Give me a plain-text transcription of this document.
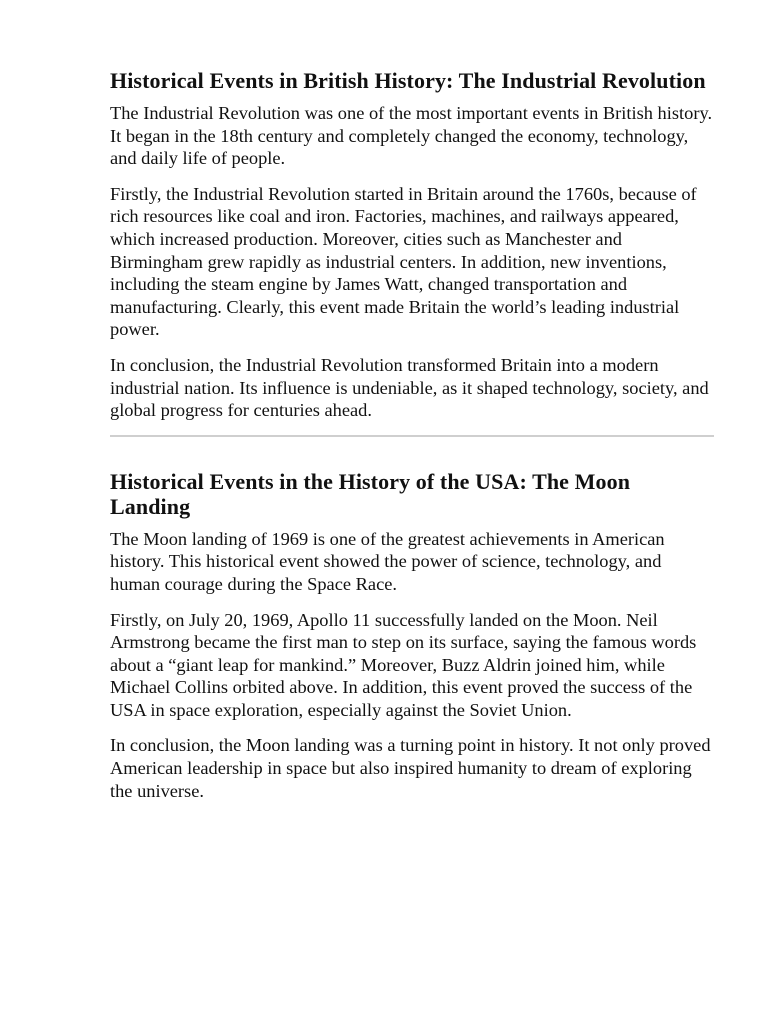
Historical Events in British History: The Industrial Revolution

The Industrial Revolution was one of the most important events in British history. It began in the 18th century and completely changed the economy, technology, and daily life of people.

Firstly, the Industrial Revolution started in Britain around the 1760s, because of rich resources like coal and iron. Factories, machines, and railways appeared, which increased production. Moreover, cities such as Manchester and Birmingham grew rapidly as industrial centers. In addition, new inventions, including the steam engine by James Watt, changed transportation and manufacturing. Clearly, this event made Britain the world’s leading industrial power.

In conclusion, the Industrial Revolution transformed Britain into a modern industrial nation. Its influence is undeniable, as it shaped technology, society, and global progress for centuries ahead.

Historical Events in the History of the USA: The Moon Landing

The Moon landing of 1969 is one of the greatest achievements in American history. This historical event showed the power of science, technology, and human courage during the Space Race.

Firstly, on July 20, 1969, Apollo 11 successfully landed on the Moon. Neil Armstrong became the first man to step on its surface, saying the famous words about a “giant leap for mankind.” Moreover, Buzz Aldrin joined him, while Michael Collins orbited above. In addition, this event proved the success of the USA in space exploration, especially against the Soviet Union.

In conclusion, the Moon landing was a turning point in history. It not only proved American leadership in space but also inspired humanity to dream of exploring the universe.
